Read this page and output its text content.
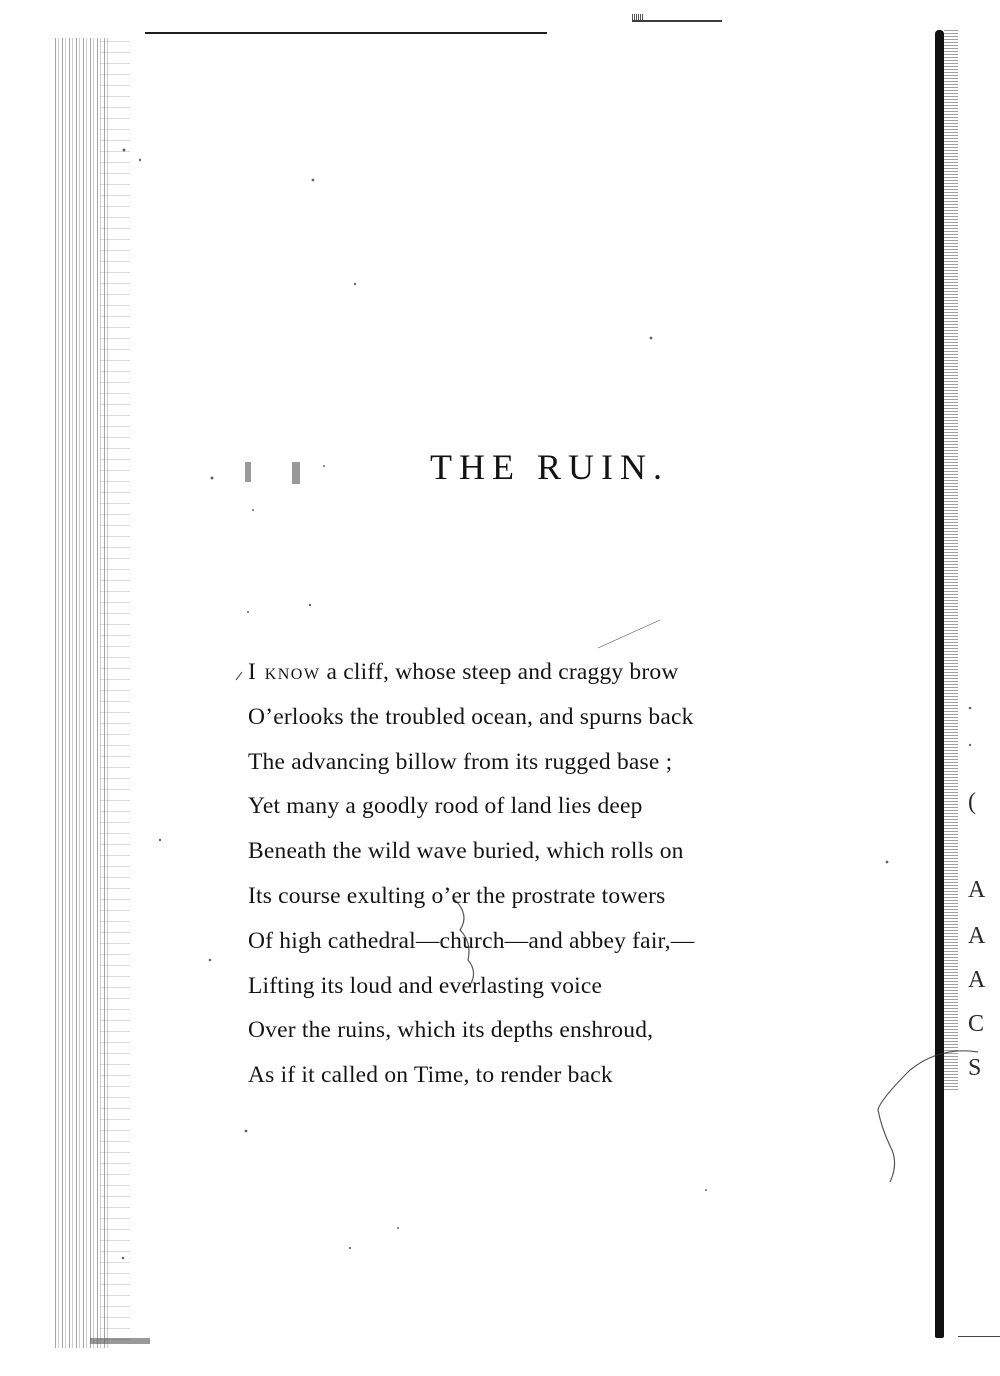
THE RUIN.
I know a cliff, whose steep and craggy brow
O’erlooks the troubled ocean, and spurns back
The advancing billow from its rugged base ;
Yet many a goodly rood of land lies deep
Beneath the wild wave buried, which rolls on
Its course exulting o’er the prostrate towers
Of high cathedral—church—and abbey fair,—
Lifting its loud and everlasting voice
Over the ruins, which its depths enshroud,
As if it called on Time, to render back
(
A
A
A
C
S
